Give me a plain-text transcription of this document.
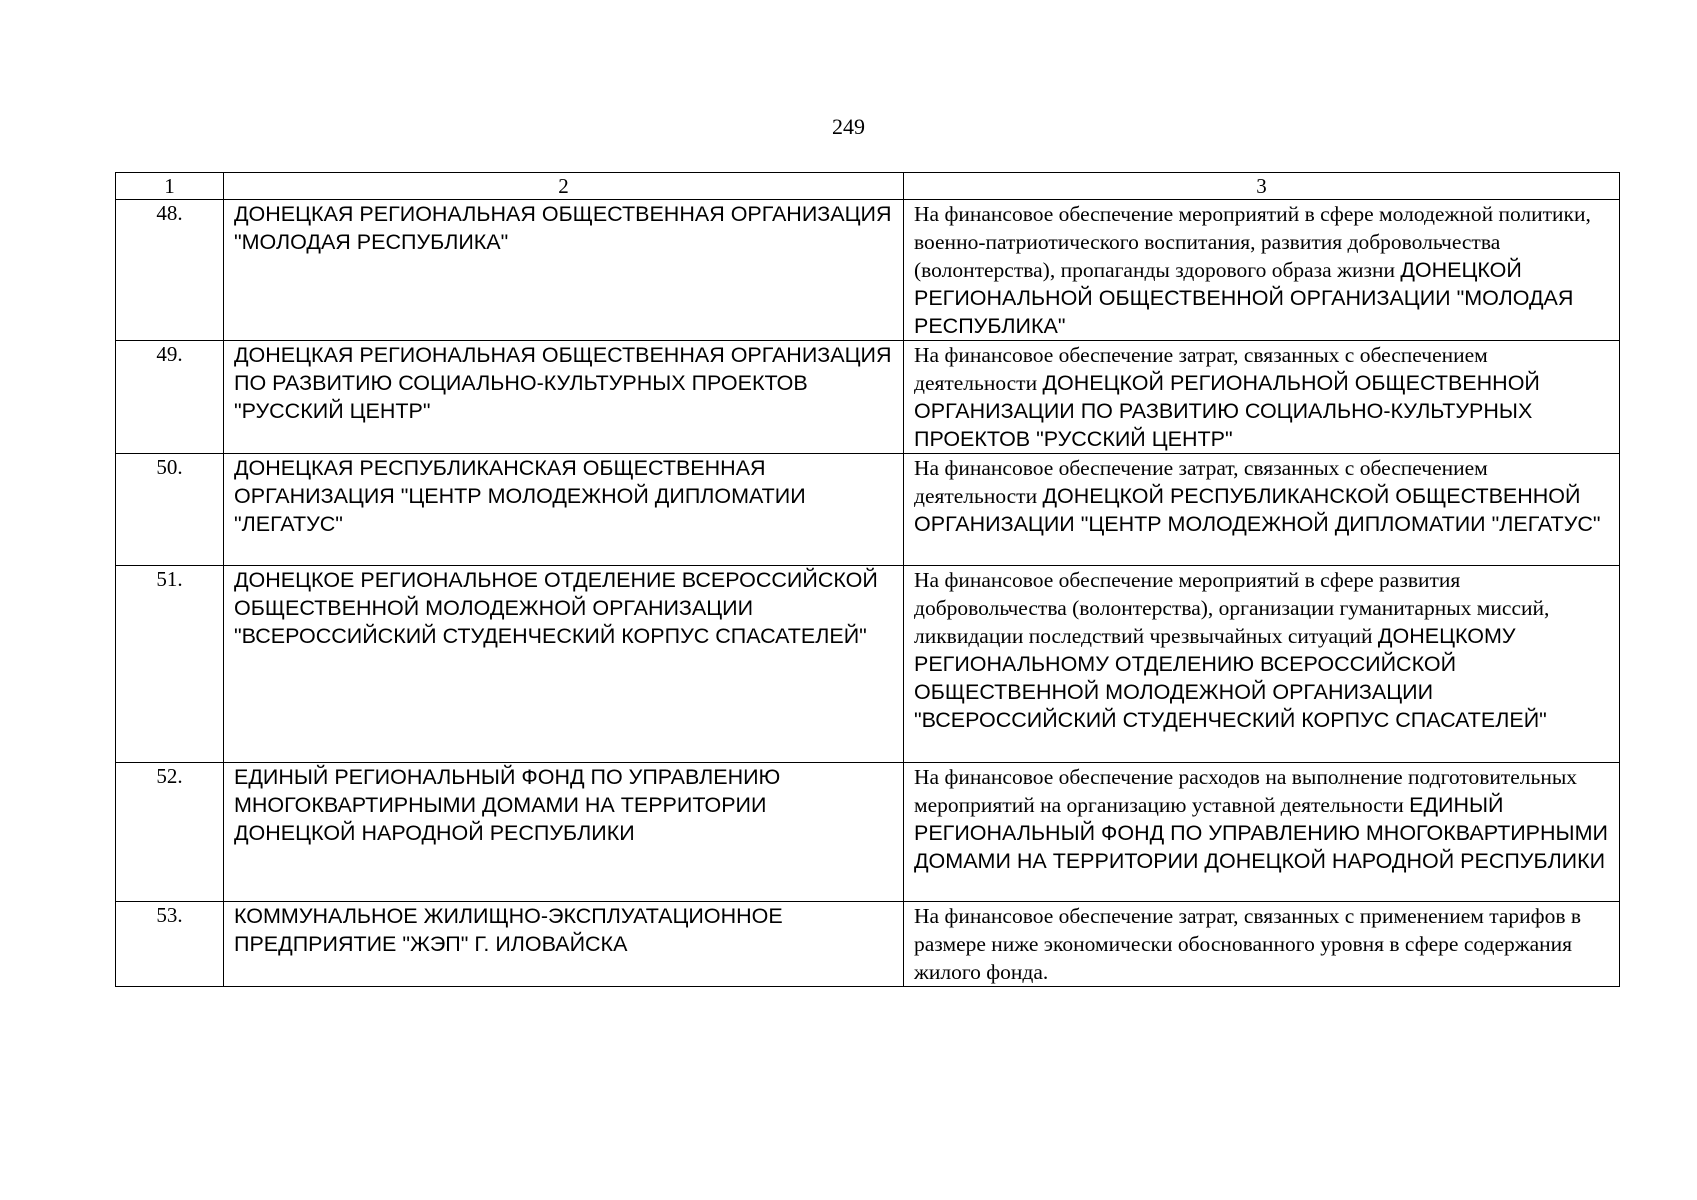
249
1	2	3
48.	ДОНЕЦКАЯ РЕГИОНАЛЬНАЯ ОБЩЕСТВЕННАЯ ОРГАНИЗАЦИЯ "МОЛОДАЯ РЕСПУБЛИКА"	На финансовое обеспечение мероприятий в сфере молодежной политики, военно-патриотического воспитания, развития добровольчества (волонтерства), пропаганды здорового образа жизни ДОНЕЦКОЙ РЕГИОНАЛЬНОЙ ОБЩЕСТВЕННОЙ ОРГАНИЗАЦИИ "МОЛОДАЯ РЕСПУБЛИКА"
49.	ДОНЕЦКАЯ РЕГИОНАЛЬНАЯ ОБЩЕСТВЕННАЯ ОРГАНИЗАЦИЯ ПО РАЗВИТИЮ СОЦИАЛЬНО-КУЛЬТУРНЫХ ПРОЕКТОВ "РУССКИЙ ЦЕНТР"	На финансовое обеспечение затрат, связанных с обеспечением деятельности ДОНЕЦКОЙ РЕГИОНАЛЬНОЙ ОБЩЕСТВЕННОЙ ОРГАНИЗАЦИИ ПО РАЗВИТИЮ СОЦИАЛЬНО-КУЛЬТУРНЫХ ПРОЕКТОВ "РУССКИЙ ЦЕНТР"
50.	ДОНЕЦКАЯ РЕСПУБЛИКАНСКАЯ ОБЩЕСТВЕННАЯ ОРГАНИЗАЦИЯ "ЦЕНТР МОЛОДЕЖНОЙ ДИПЛОМАТИИ "ЛЕГАТУС"	На финансовое обеспечение затрат, связанных с обеспечением деятельности ДОНЕЦКОЙ РЕСПУБЛИКАНСКОЙ ОБЩЕСТВЕННОЙ ОРГАНИЗАЦИИ "ЦЕНТР МОЛОДЕЖНОЙ ДИПЛОМАТИИ "ЛЕГАТУС"
51.	ДОНЕЦКОЕ РЕГИОНАЛЬНОЕ ОТДЕЛЕНИЕ ВСЕРОССИЙСКОЙ ОБЩЕСТВЕННОЙ МОЛОДЕЖНОЙ ОРГАНИЗАЦИИ "ВСЕРОССИЙСКИЙ СТУДЕНЧЕСКИЙ КОРПУС СПАСАТЕЛЕЙ"	На финансовое обеспечение мероприятий в сфере развития добровольчества (волонтерства), организации гуманитарных миссий, ликвидации последствий чрезвычайных ситуаций ДОНЕЦКОМУ РЕГИОНАЛЬНОМУ ОТДЕЛЕНИЮ ВСЕРОССИЙСКОЙ ОБЩЕСТВЕННОЙ МОЛОДЕЖНОЙ ОРГАНИЗАЦИИ "ВСЕРОССИЙСКИЙ СТУДЕНЧЕСКИЙ КОРПУС СПАСАТЕЛЕЙ"
52.	ЕДИНЫЙ РЕГИОНАЛЬНЫЙ ФОНД ПО УПРАВЛЕНИЮ МНОГОКВАРТИРНЫМИ ДОМАМИ НА ТЕРРИТОРИИ ДОНЕЦКОЙ НАРОДНОЙ РЕСПУБЛИКИ	На финансовое обеспечение расходов на выполнение подготовительных мероприятий на организацию уставной деятельности ЕДИНЫЙ РЕГИОНАЛЬНЫЙ ФОНД ПО УПРАВЛЕНИЮ МНОГОКВАРТИРНЫМИ ДОМАМИ НА ТЕРРИТОРИИ ДОНЕЦКОЙ НАРОДНОЙ РЕСПУБЛИКИ
53.	КОММУНАЛЬНОЕ ЖИЛИЩНО-ЭКСПЛУАТАЦИОННОЕ ПРЕДПРИЯТИЕ "ЖЭП" Г. ИЛОВАЙСКА	На финансовое обеспечение затрат, связанных с применением тарифов в размере ниже экономически обоснованного уровня в сфере содержания жилого фонда.
